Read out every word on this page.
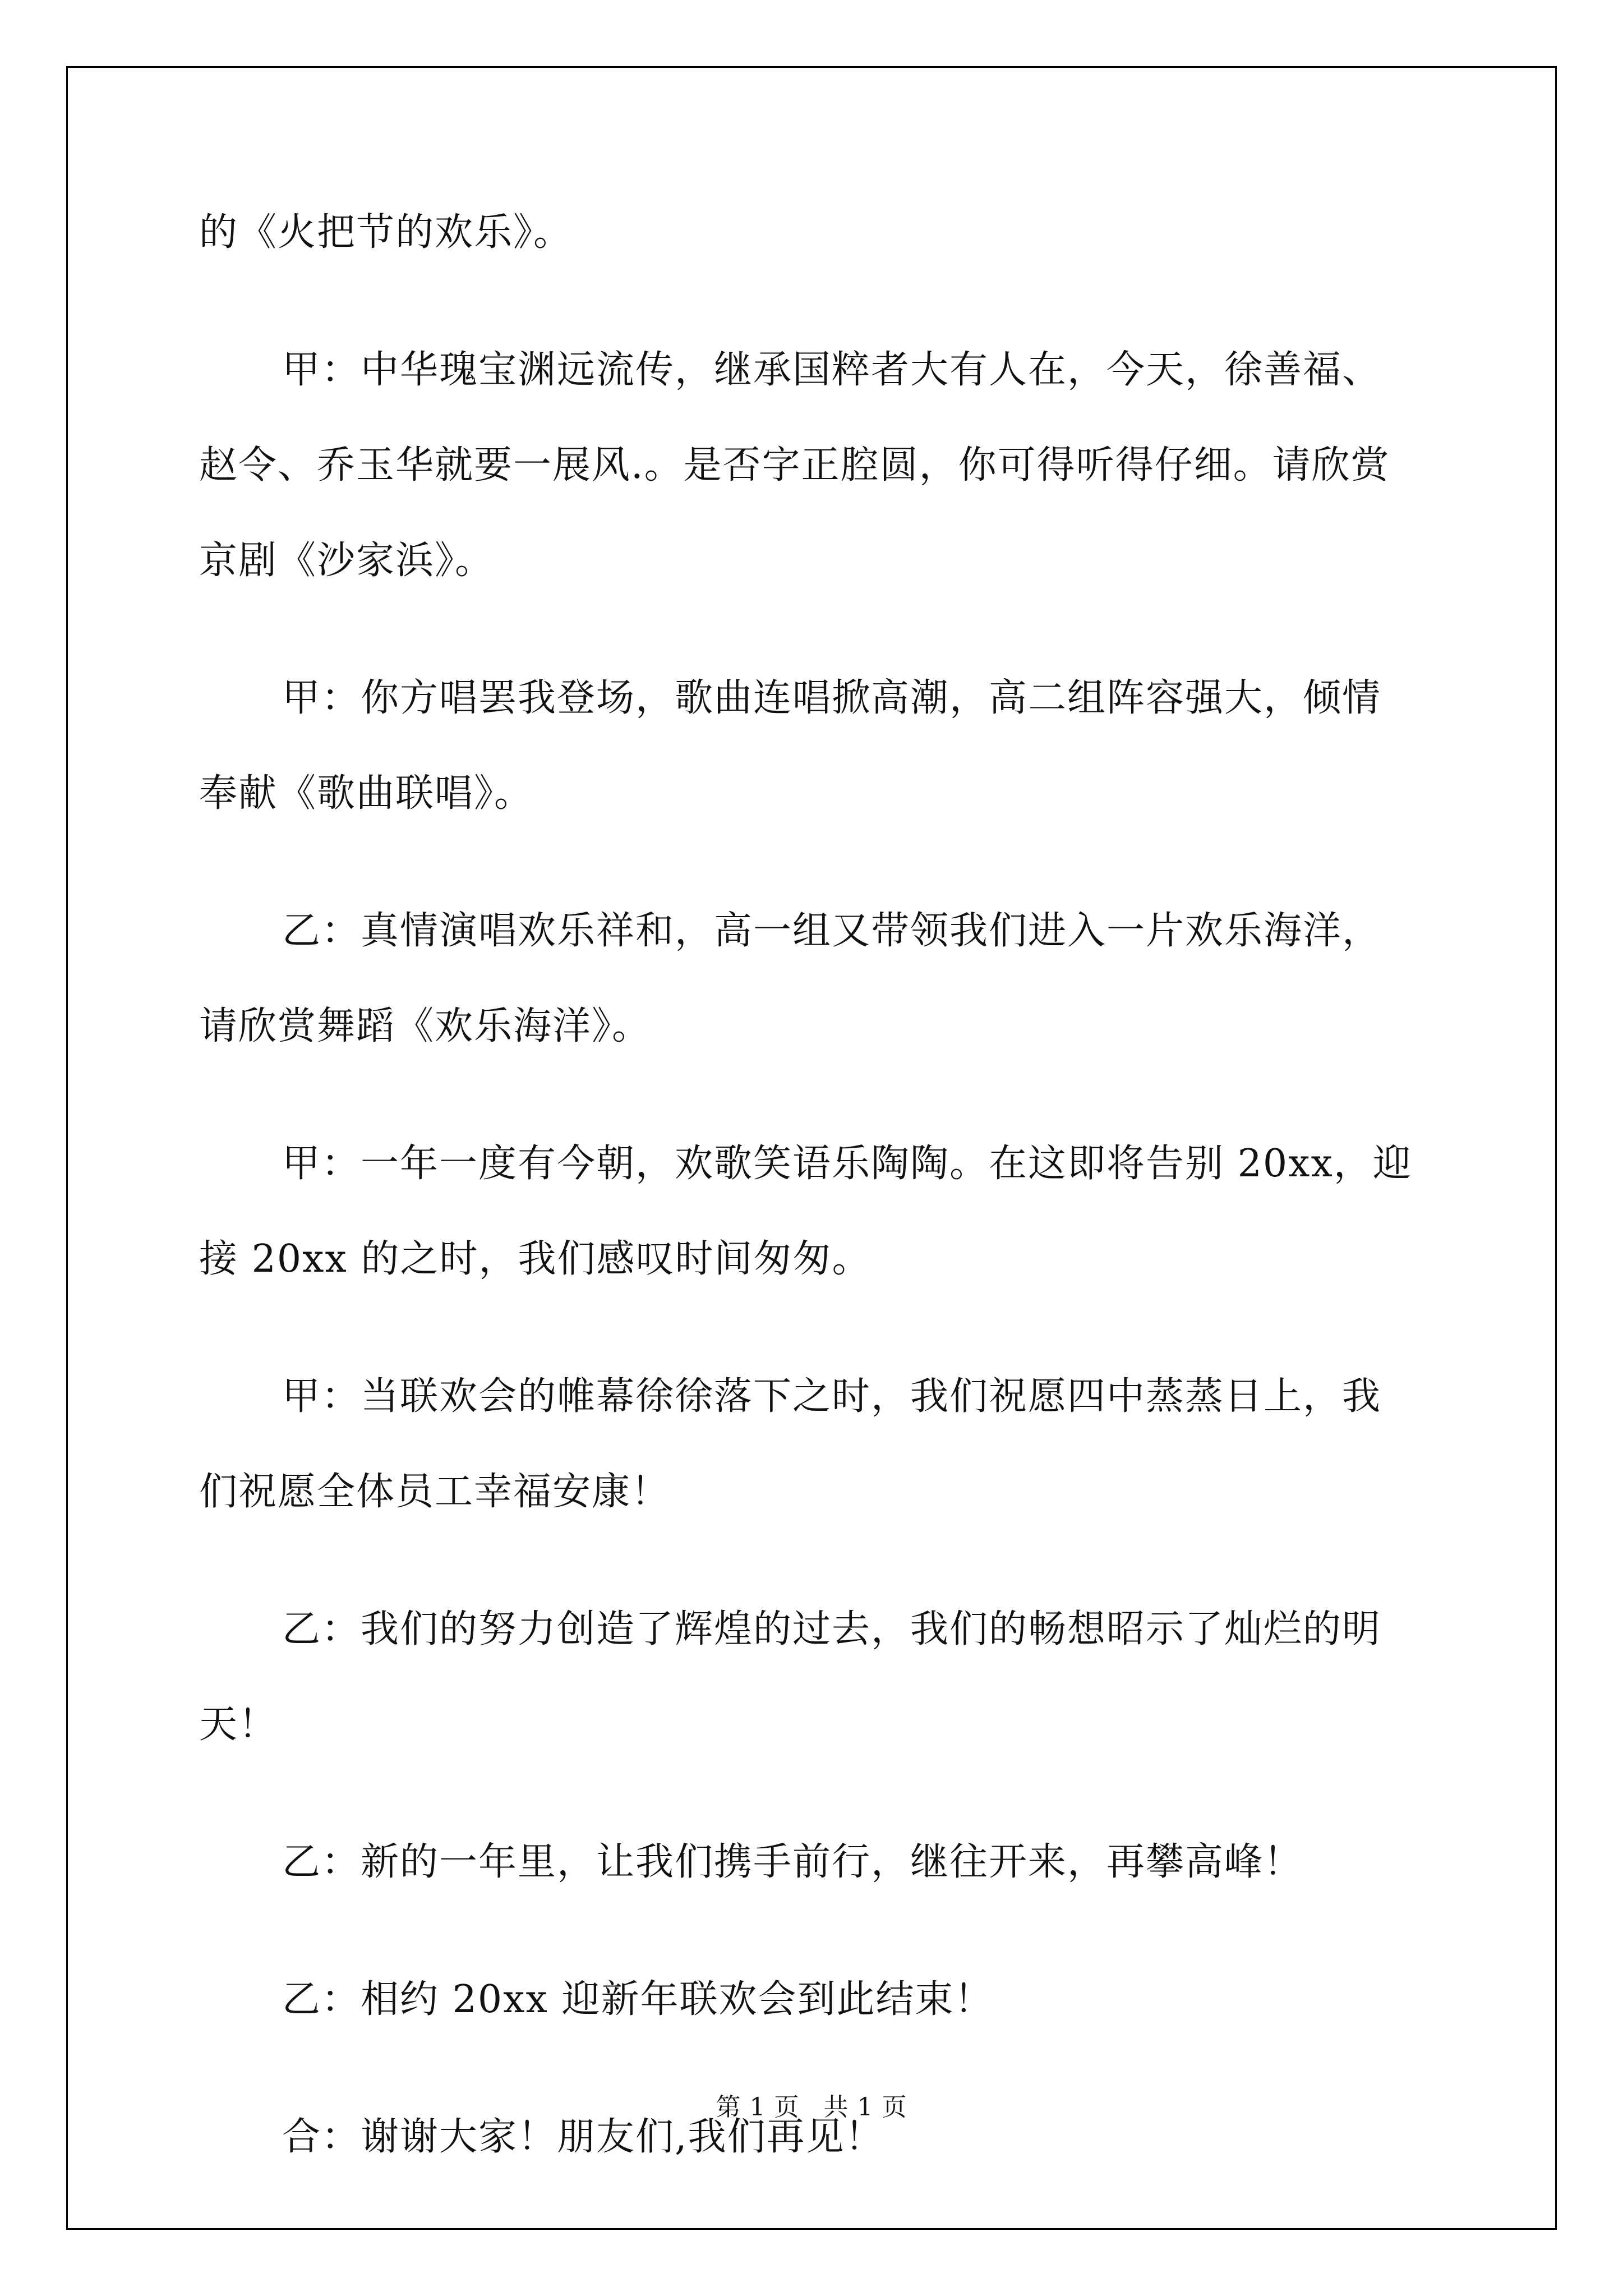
的《火把节的欢乐》。

甲：中华瑰宝渊远流传，继承国粹者大有人在，今天，徐善福、
赵令、乔玉华就要一展风.。是否字正腔圆，你可得听得仔细。请欣赏
京剧《沙家浜》。

甲：你方唱罢我登场，歌曲连唱掀高潮，高二组阵容强大，倾情
奉献《歌曲联唱》。

乙：真情演唱欢乐祥和，高一组又带领我们进入一片欢乐海洋，
请欣赏舞蹈《欢乐海洋》。

甲：一年一度有今朝，欢歌笑语乐陶陶。在这即将告别 20xx，迎
接 20xx 的之时，我们感叹时间匆匆。

甲：当联欢会的帷幕徐徐落下之时，我们祝愿四中蒸蒸日上，我
们祝愿全体员工幸福安康！

乙：我们的努力创造了辉煌的过去，我们的畅想昭示了灿烂的明
天！

乙：新的一年里，让我们携手前行，继往开来，再攀高峰！

乙：相约 20xx 迎新年联欢会到此结束！

合：谢谢大家！朋友们,我们再见！

第 1 页 共 1 页
